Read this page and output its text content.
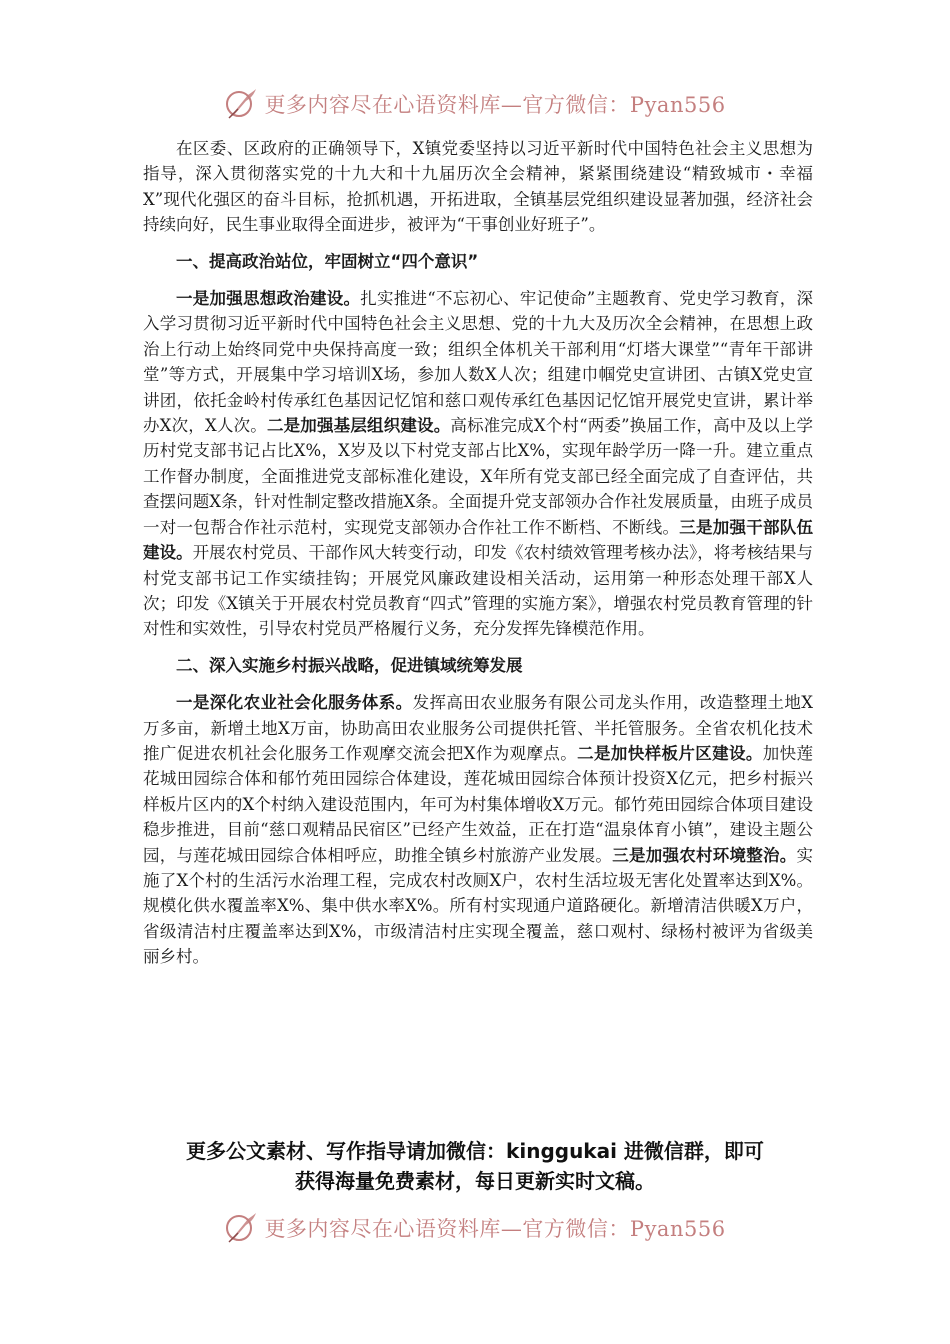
更多内容尽在心语资料库—官方微信：Pyan556

在区委、区政府的正确领导下，X镇党委坚持以习近平新时代中国特色社会主义思想为指导，深入贯彻落实党的十九大和十九届历次全会精神，紧紧围绕建设“精致城市・幸福X”现代化强区的奋斗目标，抢抓机遇，开拓进取，全镇基层党组织建设显著加强，经济社会持续向好，民生事业取得全面进步，被评为“干事创业好班子”。

一、提高政治站位，牢固树立“四个意识”

一是加强思想政治建设。扎实推进“不忘初心、牢记使命”主题教育、党史学习教育，深入学习贯彻习近平新时代中国特色社会主义思想、党的十九大及历次全会精神，在思想上政治上行动上始终同党中央保持高度一致；组织全体机关干部利用“灯塔大课堂”“青年干部讲堂”等方式，开展集中学习培训X场，参加人数X人次；组建巾帼党史宣讲团、古镇X党史宣讲团，依托金岭村传承红色基因记忆馆和慈口观传承红色基因记忆馆开展党史宣讲，累计举办X次，X人次。二是加强基层组织建设。高标准完成X个村“两委”换届工作，高中及以上学历村党支部书记占比X%，X岁及以下村党支部占比X%，实现年龄学历一降一升。建立重点工作督办制度，全面推进党支部标准化建设，X年所有党支部已经全面完成了自查评估，共查摆问题X条，针对性制定整改措施X条。全面提升党支部领办合作社发展质量，由班子成员一对一包帮合作社示范村，实现党支部领办合作社工作不断档、不断线。三是加强干部队伍建设。开展农村党员、干部作风大转变行动，印发《农村绩效管理考核办法》，将考核结果与村党支部书记工作实绩挂钩；开展党风廉政建设相关活动，运用第一种形态处理干部X人次；印发《X镇关于开展农村党员教育“四式”管理的实施方案》，增强农村党员教育管理的针对性和实效性，引导农村党员严格履行义务，充分发挥先锋模范作用。

二、深入实施乡村振兴战略，促进镇域统筹发展

一是深化农业社会化服务体系。发挥高田农业服务有限公司龙头作用，改造整理土地X万多亩，新增土地X万亩，协助高田农业服务公司提供托管、半托管服务。全省农机化技术推广促进农机社会化服务工作观摩交流会把X作为观摩点。二是加快样板片区建设。加快莲花城田园综合体和郁竹苑田园综合体建设，莲花城田园综合体预计投资X亿元，把乡村振兴样板片区内的X个村纳入建设范围内，年可为村集体增收X万元。郁竹苑田园综合体项目建设稳步推进，目前“慈口观精品民宿区”已经产生效益，正在打造“温泉体育小镇”，建设主题公园，与莲花城田园综合体相呼应，助推全镇乡村旅游产业发展。三是加强农村环境整治。实施了X个村的生活污水治理工程，完成农村改厕X户，农村生活垃圾无害化处置率达到X%。规模化供水覆盖率X%、集中供水率X%。所有村实现通户道路硬化。新增清洁供暖X万户，省级清洁村庄覆盖率达到X%，市级清洁村庄实现全覆盖，慈口观村、绿杨村被评为省级美丽乡村。

更多公文素材、写作指导请加微信：kinggukai 进微信群，即可
获得海量免费素材，每日更新实时文稿。

更多内容尽在心语资料库—官方微信：Pyan556
